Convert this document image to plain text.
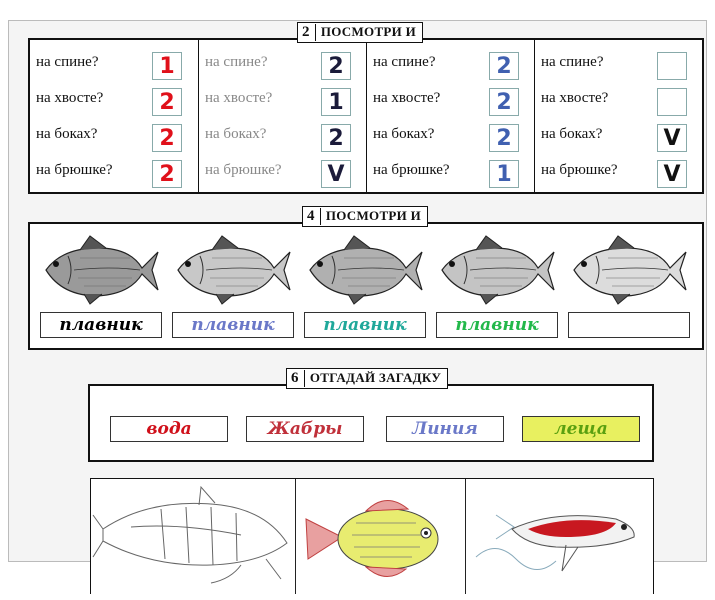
на спине?	1
на хвосте?	2
на боках?	2
на брюшке?	2
на спине?	2
на хвосте?	1
на боках?	2
на брюшке? V
на спине?	2
на хвосте?	2
на боках?	2
на брюшке?	1
на спине?
на хвосте?
на боках?	V
на брюшке? V
2 ПОСМОТРИ И
плавник	плавник	плавник	плавник
4 ПОСМОТРИ И
вода	Жабры	Линия	леща
6 ОТГАДАЙ ЗАГАДКУ
